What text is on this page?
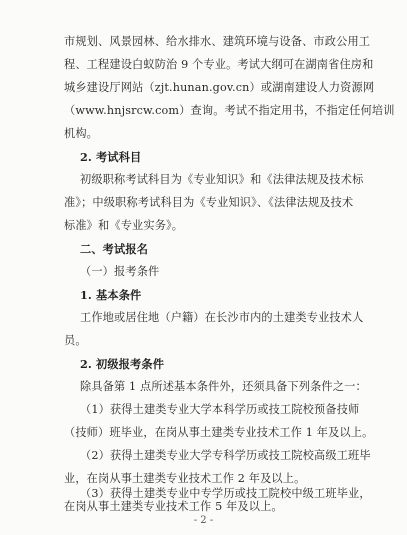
市规划、风景园林、给水排水、建筑环境与设备、市政公用工
程、工程建设白蚁防治 9 个专业。考试大纲可在湖南省住房和
城乡建设厅网站（zjt.hunan.gov.cn）或湖南建设人力资源网
（www.hnjsrcw.com）查询。考试不指定用书，不指定任何培训
机构。
2. 考试科目
初级职称考试科目为《专业知识》和《法律法规及技术标
准》；中级职称考试科目为《专业知识》、《法律法规及技术
标准》和《专业实务》。
二、考试报名
（一）报考条件
1. 基本条件
工作地或居住地（户籍）在长沙市内的土建类专业技术人
员。
2. 初级报考条件
除具备第 1 点所述基本条件外，还须具备下列条件之一：
（1）获得土建类专业大学本科学历或技工院校预备技师
（技师）班毕业，在岗从事土建类专业技术工作 1 年及以上。
（2）获得土建类专业大学专科学历或技工院校高级工班毕
业，在岗从事土建类专业技术工作 2 年及以上。
（3）获得土建类专业中专学历或技工院校中级工班毕业，
在岗从事土建类专业技术工作 5 年及以上。
- 2 -
